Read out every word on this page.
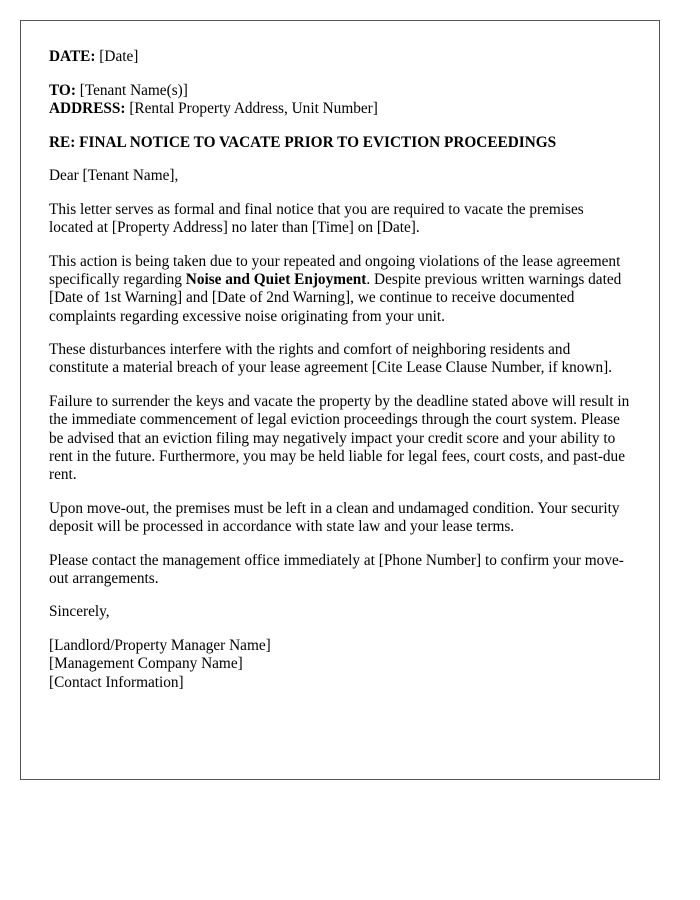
DATE: [Date]

TO: [Tenant Name(s)]
ADDRESS: [Rental Property Address, Unit Number]

RE: FINAL NOTICE TO VACATE PRIOR TO EVICTION PROCEEDINGS

Dear [Tenant Name],

This letter serves as formal and final notice that you are required to vacate the premises located at [Property Address] no later than [Time] on [Date].

This action is being taken due to your repeated and ongoing violations of the lease agreement specifically regarding Noise and Quiet Enjoyment. Despite previous written warnings dated [Date of 1st Warning] and [Date of 2nd Warning], we continue to receive documented complaints regarding excessive noise originating from your unit.

These disturbances interfere with the rights and comfort of neighboring residents and constitute a material breach of your lease agreement [Cite Lease Clause Number, if known].

Failure to surrender the keys and vacate the property by the deadline stated above will result in the immediate commencement of legal eviction proceedings through the court system. Please be advised that an eviction filing may negatively impact your credit score and your ability to rent in the future. Furthermore, you may be held liable for legal fees, court costs, and past-due rent.

Upon move-out, the premises must be left in a clean and undamaged condition. Your security deposit will be processed in accordance with state law and your lease terms.

Please contact the management office immediately at [Phone Number] to confirm your move-out arrangements.

Sincerely,

[Landlord/Property Manager Name]
[Management Company Name]
[Contact Information]
